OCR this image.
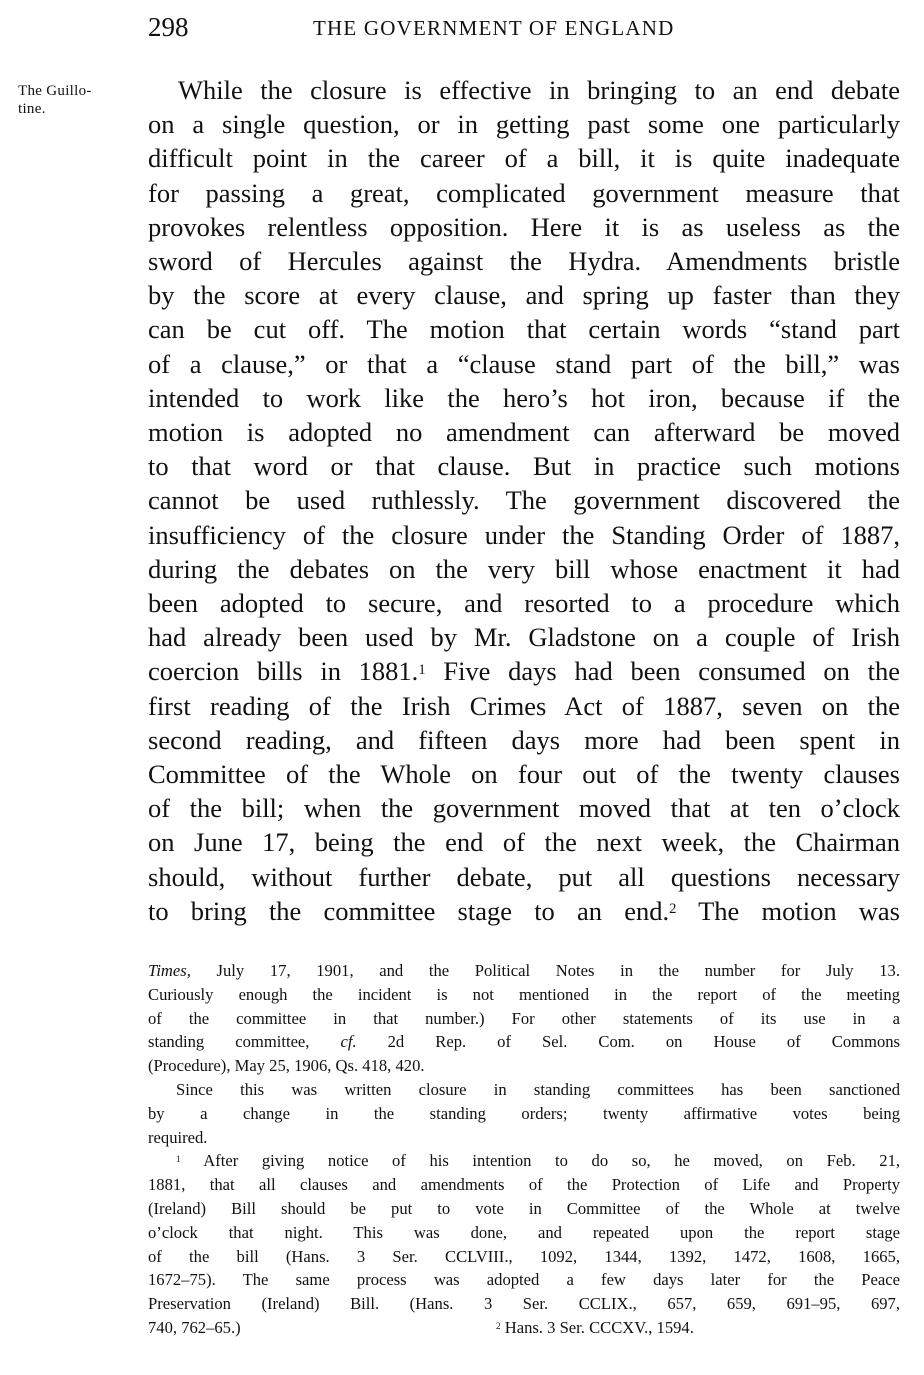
298	THE GOVERNMENT OF ENGLAND
The Guillo-
tine.
While the closure is effective in bringing to an end debate
on a single question, or in getting past some one particularly
difficult point in the career of a bill, it is quite inadequate
for passing a great, complicated government measure that
provokes relentless opposition. Here it is as useless as the
sword of Hercules against the Hydra. Amendments bristle
by the score at every clause, and spring up faster than they
can be cut off. The motion that certain words “stand part
of a clause,” or that a “clause stand part of the bill,” was
intended to work like the hero’s hot iron, because if the
motion is adopted no amendment can afterward be moved
to that word or that clause. But in practice such motions
cannot be used ruthlessly. The government discovered the
insufficiency of the closure under the Standing Order of 1887,
during the debates on the very bill whose enactment it had
been adopted to secure, and resorted to a procedure which
had already been used by Mr. Gladstone on a couple of Irish
coercion bills in 1881.$^1$ Five days had been consumed on the
first reading of the Irish Crimes Act of 1887, seven on the
second reading, and fifteen days more had been spent in
Committee of the Whole on four out of the twenty clauses
of the bill; when the government moved that at ten o’clock
on June 17, being the end of the next week, the Chairman
should, without further debate, put all questions necessary
to bring the committee stage to an end.$^2$ The motion was
Times, July 17, 1901, and the Political Notes in the number for July 13.
Curiously enough the incident is not mentioned in the report of the meeting
of the committee in that number.) For other statements of its use in a
standing committee, cf. 2d Rep. of Sel. Com. on House of Commons
(Procedure), May 25, 1906, Qs. 418, 420.
Since this was written closure in standing committees has been sanctioned
by a change in the standing orders; twenty affirmative votes being
required.
$^1$ After giving notice of his intention to do so, he moved, on Feb. 21,
1881, that all clauses and amendments of the Protection of Life and Property
(Ireland) Bill should be put to vote in Committee of the Whole at twelve
o’clock that night. This was done, and repeated upon the report stage
of the bill (Hans. 3 Ser. CCLVIII., 1092, 1344, 1392, 1472, 1608, 1665,
1672–75). The same process was adopted a few days later for the Peace
Preservation (Ireland) Bill. (Hans. 3 Ser. CCLIX., 657, 659, 691–95, 697,
740, 762–65.)	$^2$ Hans. 3 Ser. CCCXV., 1594.
